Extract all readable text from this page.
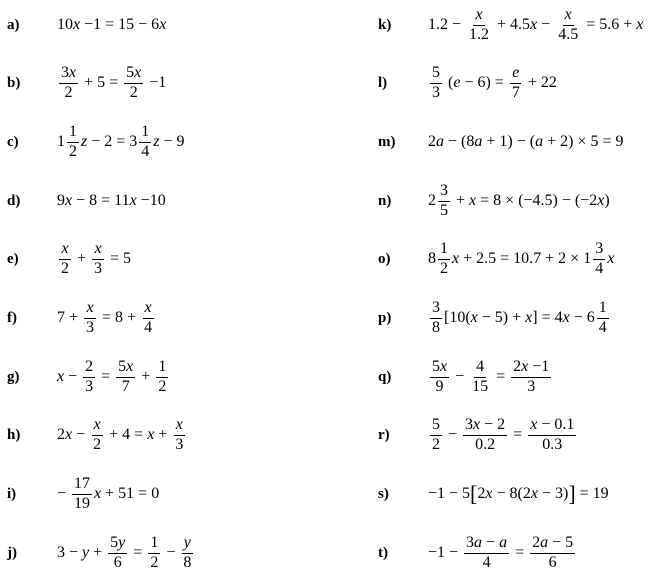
a)	10 x −1 = 15 − 6 x
b)	$\frac{3x}{2} + 5 = \frac{5x}{2} -1$
c)	$1 \frac{1}{2}$ $z - 2 = 3 \frac{1}{4}$ z − 9
d)	9 x − 8 = 11 x −10
e)	$\frac{x}{2} + \frac{x}{3} = 5$
f)	$7 + \frac{x}{3} = 8 + \frac{x}{4}$
g)	$x - \frac{2}{3} = \frac{5x}{7} + \frac{1}{2}$
h)	2 $x - \frac{x}{2} + 4 = x + \frac{x}{3}$
i)	− $\frac{17}{19}$ x + 51 = 0
j)	$3 - y + \frac{5y}{6} = \frac{1}{2} - \frac{y}{8}$
k)	$1.2 - \frac{x}{1.2} + 4.5$ $x - \frac{x}{4.5} = 5.6 + x$
l)	$\frac{5}{3}$ ( $e - 6) = \frac{e}{7} + 22$
m)	2 a − (8 a + 1) − ( a + 2) × 5 = 9
n)	$2 \frac{3}{5} + x = 8 \times (-4.5) - (-2$ x )
o)	$8 \frac{1}{2}$ $x + 2.5 = 10.7 + 2 \times 1 \frac{3}{4}$ x
p)	$\frac{3}{8} [10$( x − 5) + x ] = 4 $x - 6 \frac{1}{4}$
q)	$\frac{5x}{9} - \frac{4}{15} = \frac{2x -1}{3}$
r)	$\frac{5}{2} - \frac{3x - 2}{0.2} = \frac{x - 0.1}{0.3}$
s)	−1 − 5 [ 2 x − 8(2 x − 3) ] = 19
t)	$-1 - \frac{3a - a}{4} = \frac{2a - 5}{6}$
